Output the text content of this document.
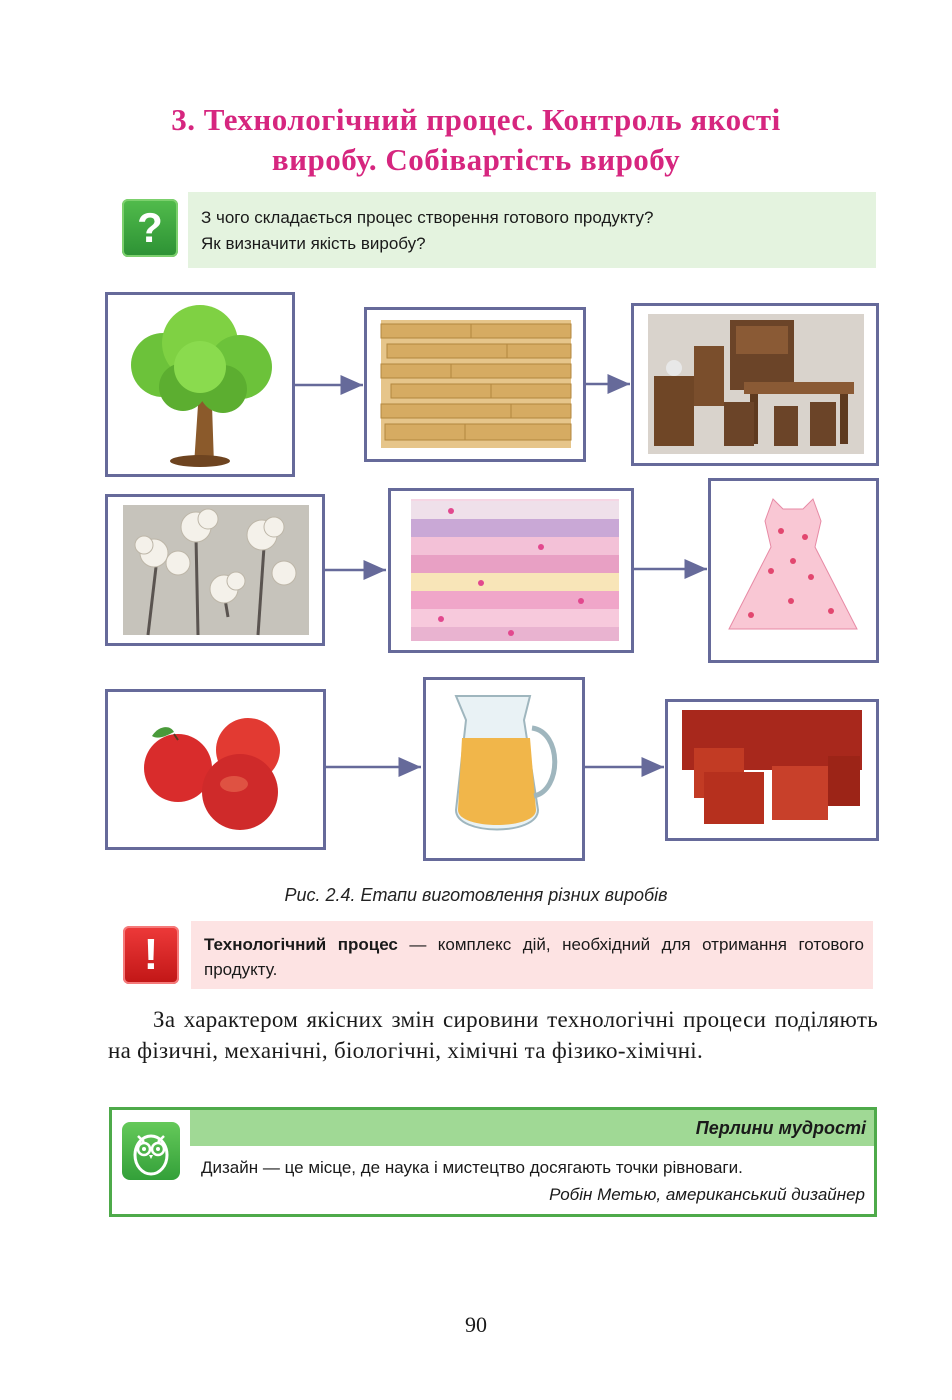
3. Технологічний процес. Контроль якості
виробу. Собівартість виробу
?	З чого складається процес створення готового продукту?
Як визначити якість виробу?
Рис. 2.4. Етапи виготовлення різних виробів
!	Технологічний процес — комплекс дій, необхідний для отримання готового продукту.
За характером якісних змін сировини технологічні процеси поділяють на фізичні, механічні, біологічні, хімічні та фізико-хімічні.
Перлини мудрості
Дизайн — це місце, де наука і мистецтво досягають точки рівноваги.
Робін Метью, американський дизайнер
90
